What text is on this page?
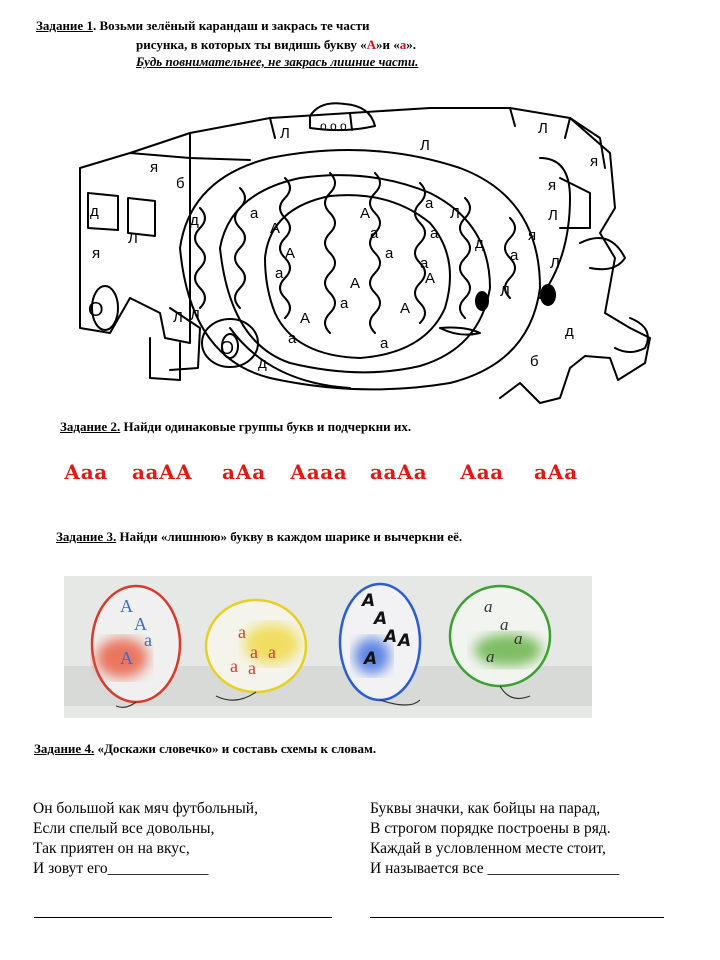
Задание 1. Возьми зелёный карандаш и закрась те части
рисунка, в которых ты видишь букву «А»и «а».
Будь повнимательнее, не закрась лишние части.
Л
Л
Л
я	я
я
я
я
б
б
д
д
д
д
д
Л
Л Л
Л
Л
Л
Л
а
А
а
А
А
а
А
а
а
а
а
а
а
а
А
А
А
а
О
О
о о о
Задание 2. Найди одинаковые группы букв и подчеркни их.
Ааа ааАА аАа Аааа ааАа Ааа аАа
Задание 3. Найди «лишнюю» букву в каждом шарике и вычеркни её.
А
А
а
А
а
а а
а а
А
А
А А
А
а
а
а
а
Задание 4. «Доскажи словечко» и составь схемы к словам.
Он большой как мяч футбольный,
Если спелый все довольны,
Так приятен он на вкус,
И зовут его_____________
Буквы значки, как бойцы на парад,
В строгом порядке построены в ряд.
Каждай в условленном месте стоит,
И называется все _________________
